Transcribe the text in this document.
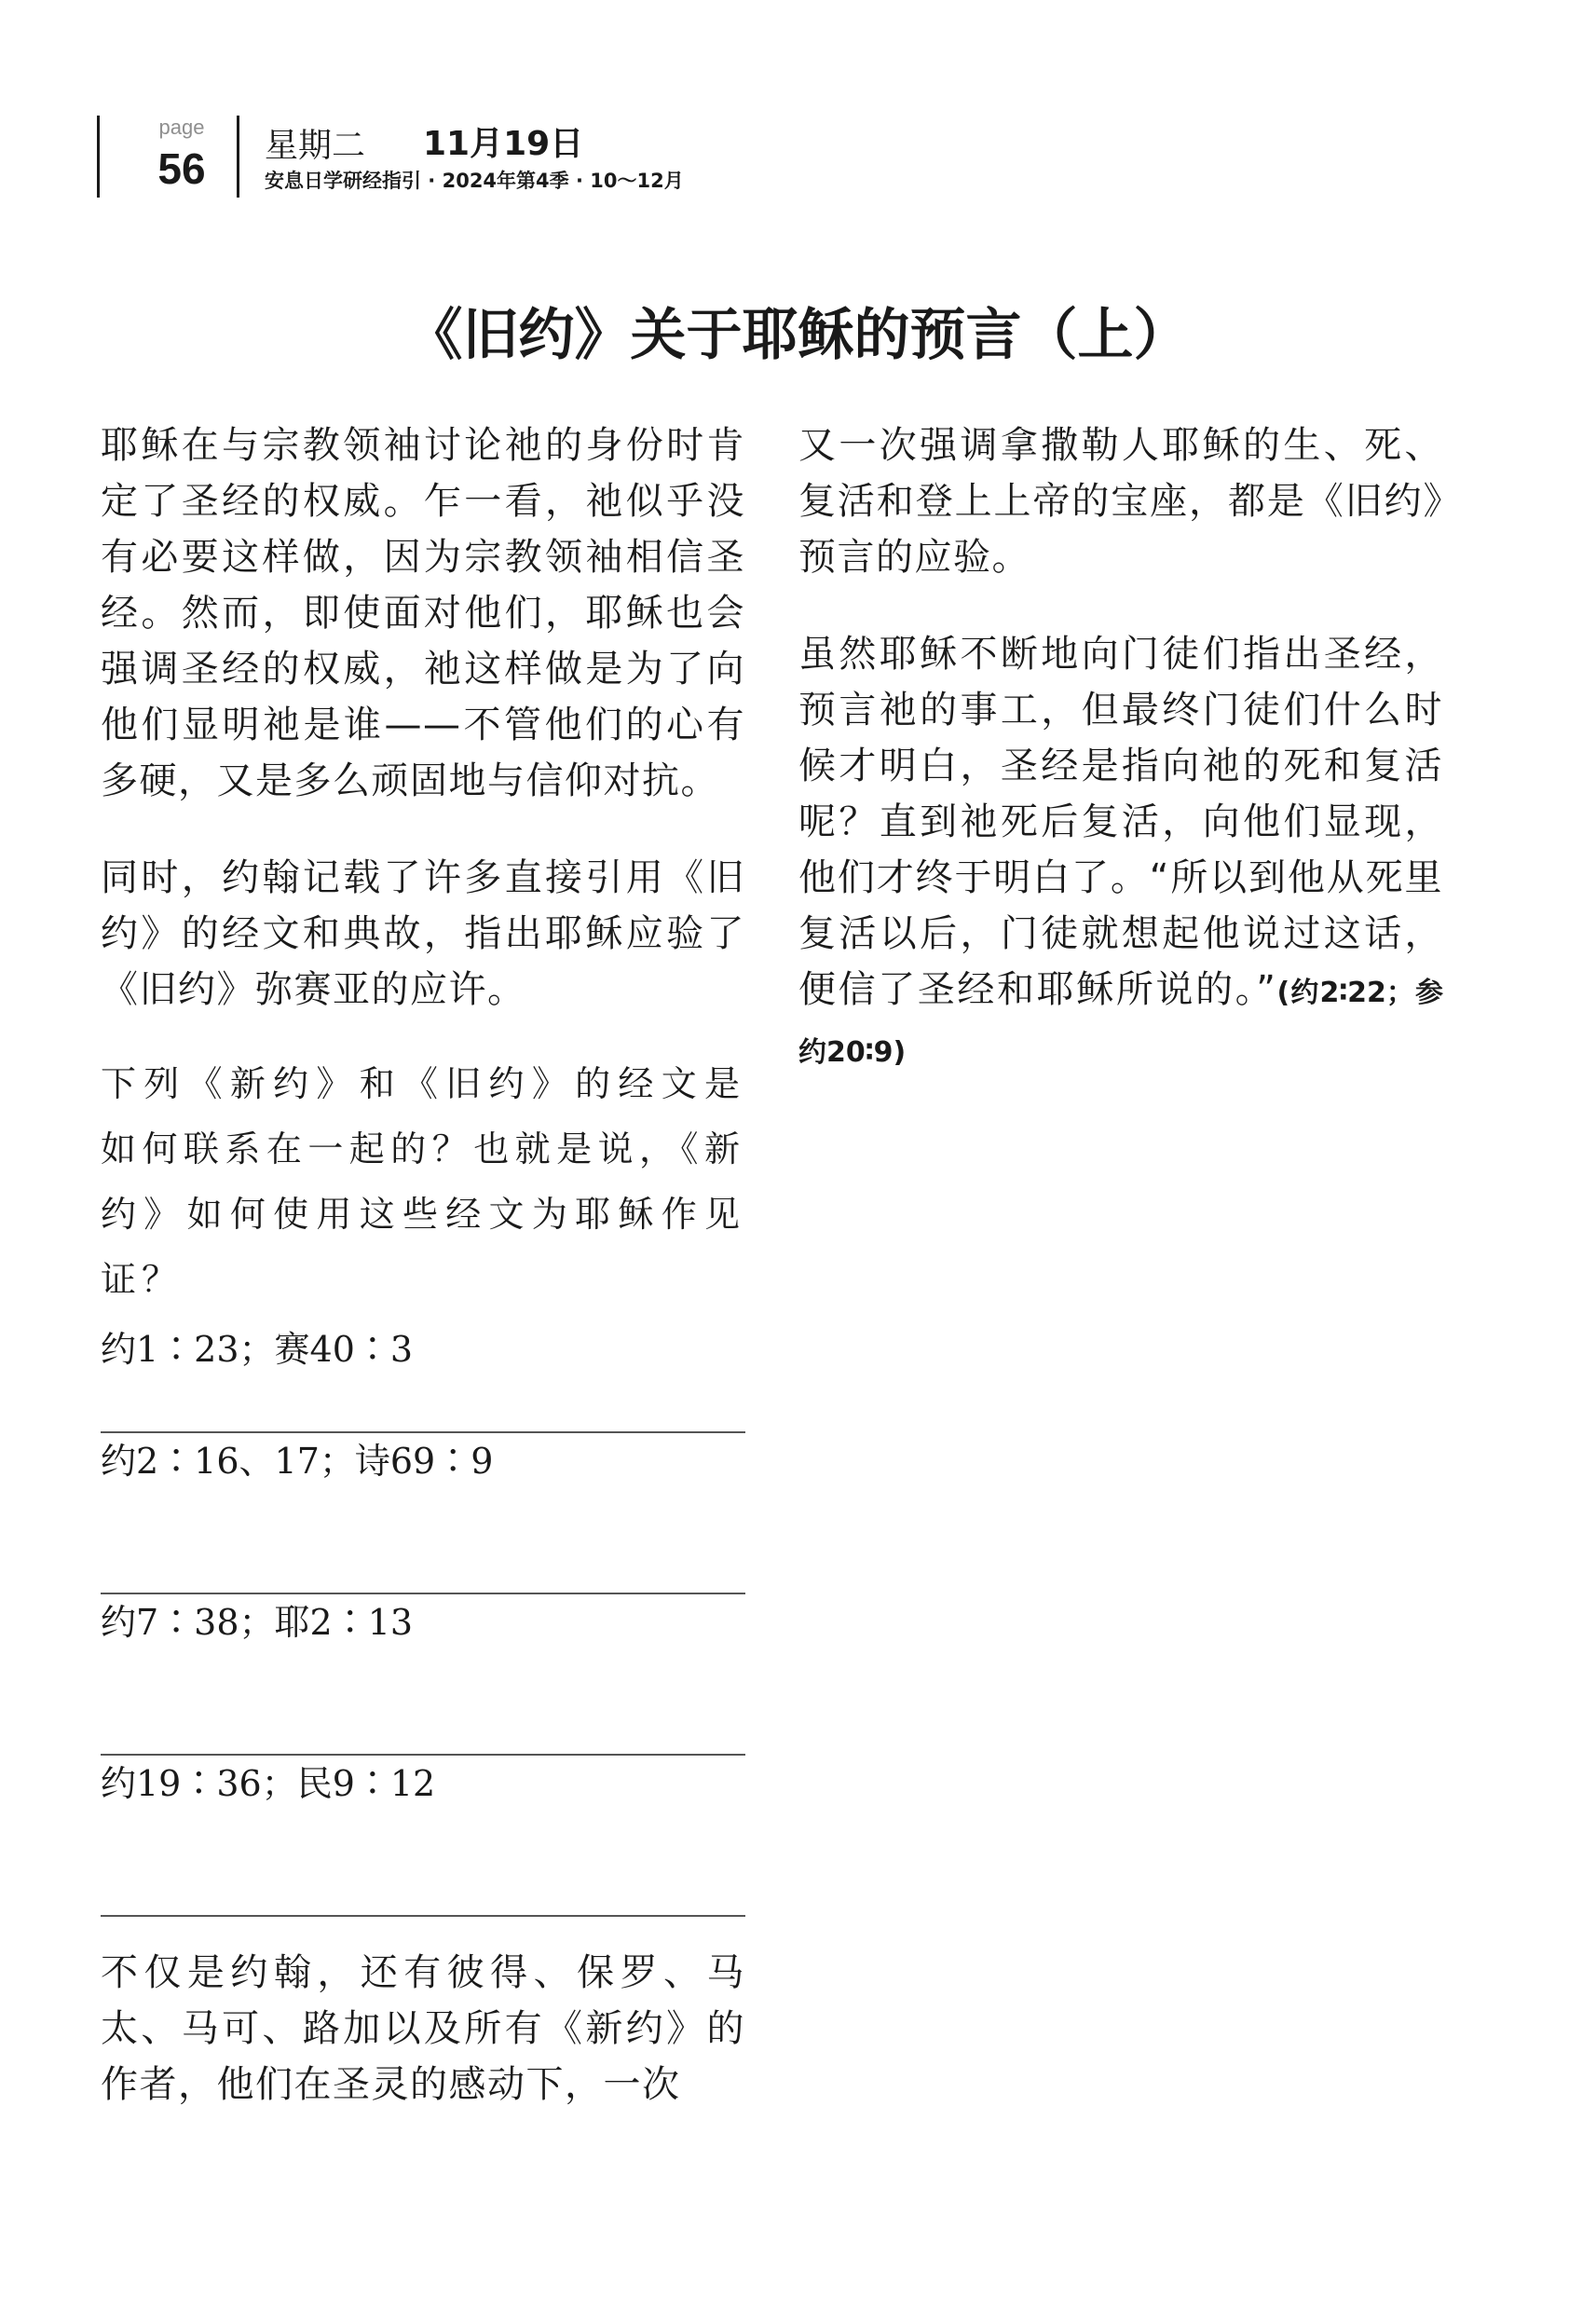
page
56	星期二 11月19日
安息日学研经指引 · 2024年第4季 · 10～12月
《旧约》关于耶稣的预言（上）

耶稣在与宗教领袖讨论祂的身份时肯定了圣经的权威。乍一看，祂似乎没有必要这样做，因为宗教领袖相信圣经。然而，即使面对他们，耶稣也会强调圣经的权威，祂这样做是为了向他们显明祂是谁——不管他们的心有多硬，又是多么顽固地与信仰对抗。

同时，约翰记载了许多直接引用《旧约》的经文和典故，指出耶稣应验了《旧约》弥赛亚的应许。

下列《新约》和《旧约》的经文是如何联系在一起的？也就是说，《新约》如何使用这些经文为耶稣作见证？

约1∶23；赛40∶3
约2∶16、17；诗69∶9
约7∶38；耶2∶13
约19∶36；民9∶12

不仅是约翰，还有彼得、保罗、马太、马可、路加以及所有《新约》的作者，他们在圣灵的感动下，一次

又一次强调拿撒勒人耶稣的生、死、复活和登上上帝的宝座，都是《旧约》预言的应验。

虽然耶稣不断地向门徒们指出圣经，预言祂的事工，但最终门徒们什么时候才明白，圣经是指向祂的死和复活呢？直到祂死后复活，向他们显现，他们才终于明白了。“所以到他从死里复活以后，门徒就想起他说过这话，便信了圣经和耶稣所说的。”(约2∶22；参约20∶9)
